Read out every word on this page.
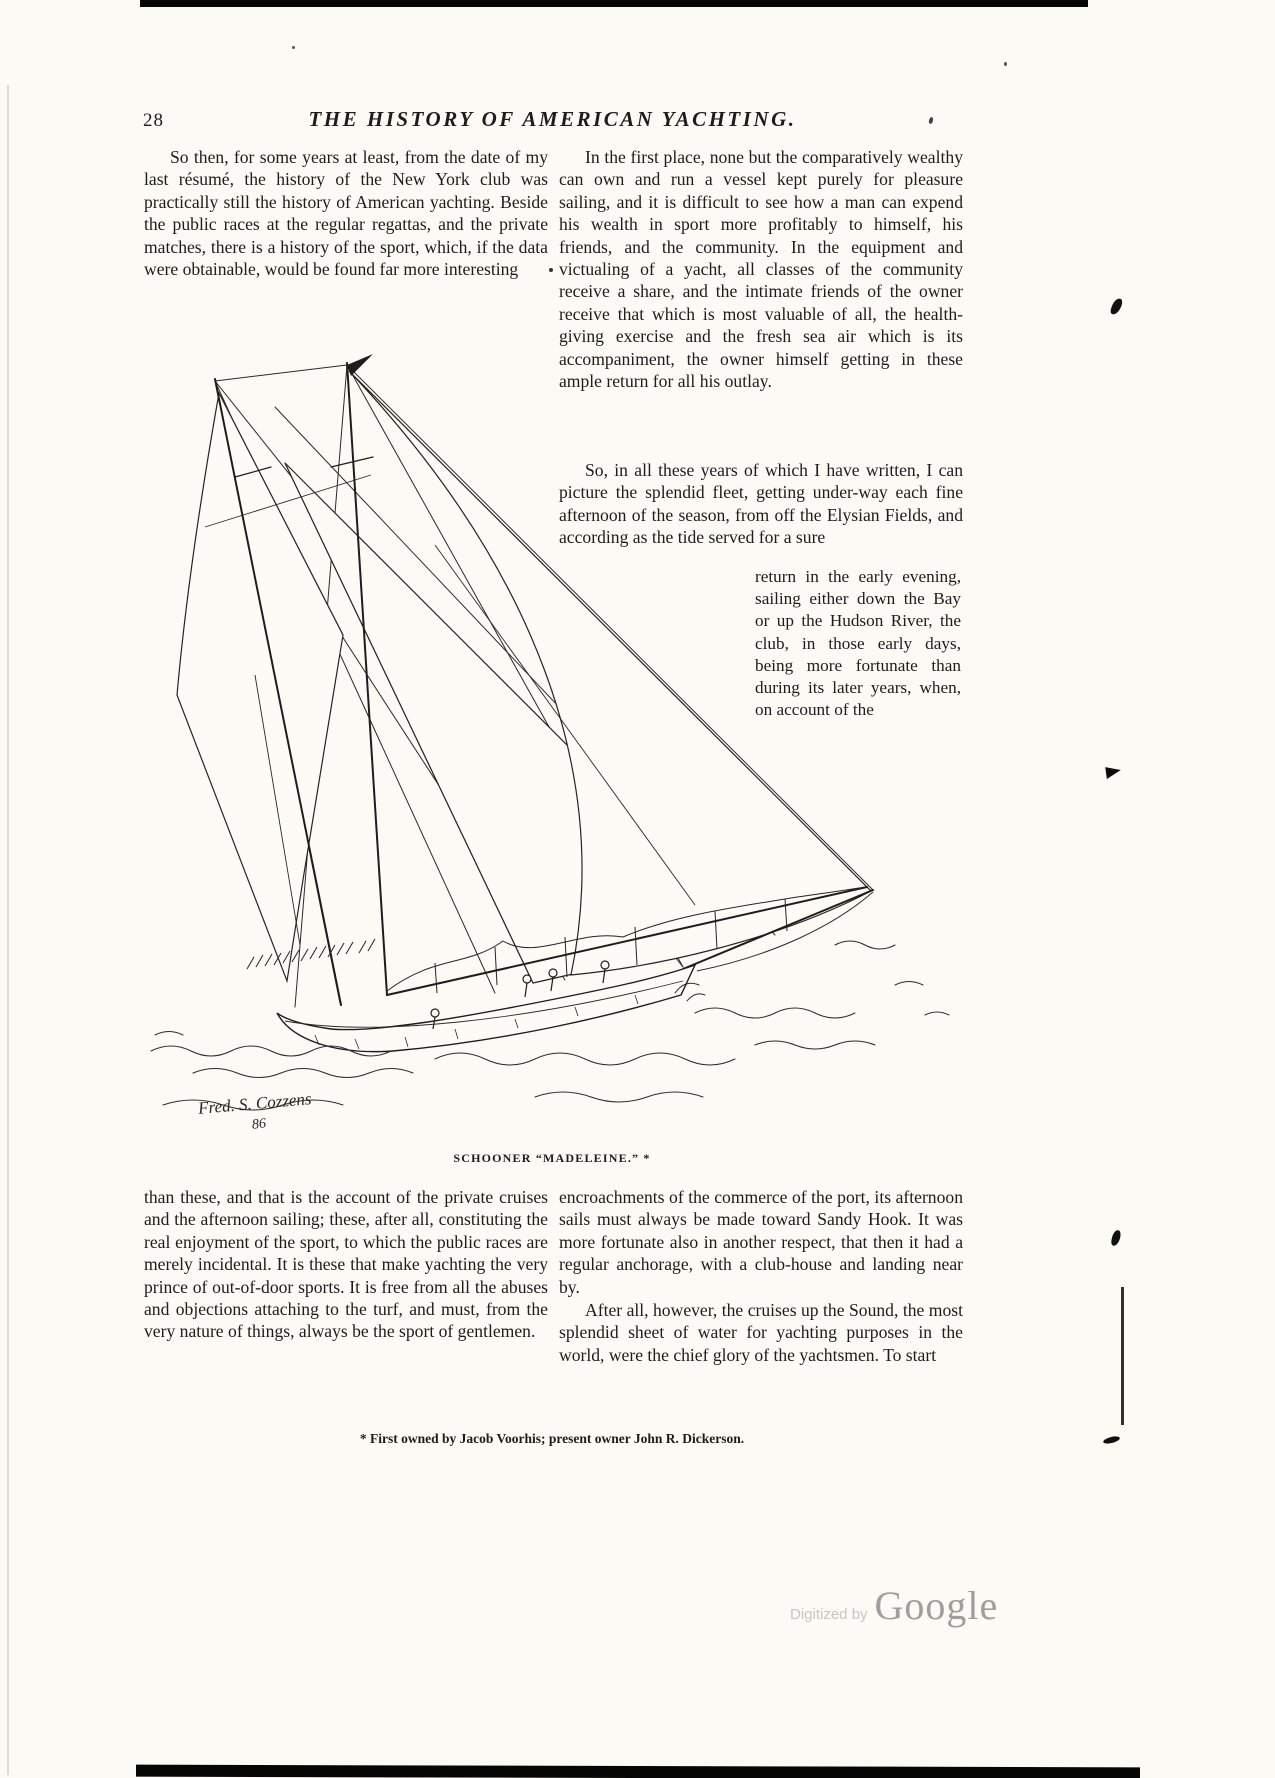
28	THE HISTORY OF AMERICAN YACHTING.
So then, for some years at least, from the date of my last résumé, the history of the New York club was practically still the history of American yachting. Beside the public races at the regular regattas, and the private matches, there is a history of the sport, which, if the data were obtainable, would be found far more interesting
In the first place, none but the comparatively wealthy can own and run a vessel kept purely for pleasure sailing, and it is difficult to see how a man can expend his wealth in sport more profitably to himself, his friends, and the community. In the equipment and victualing of a yacht, all classes of the community receive a share, and the intimate friends of the owner receive that which is most valuable of all, the health-giving exercise and the fresh sea air which is its accompaniment, the owner himself getting in these ample return for all his outlay.
So, in all these years of which I have written, I can picture the splendid fleet, getting under-way each fine afternoon of the season, from off the Elysian Fields, and according as the tide served for a sure
return in the early evening, sailing either down the Bay or up the Hudson River, the club, in those early days, being more fortunate than during its later years, when, on account of the
Fred. S. Cozzens
86
SCHOONER “MADELEINE.” *
than these, and that is the account of the private cruises and the afternoon sailing; these, after all, constituting the real enjoyment of the sport, to which the public races are merely incidental. It is these that make yachting the very prince of out-of-door sports. It is free from all the abuses and objections attaching to the turf, and must, from the very nature of things, always be the sport of gentlemen.
encroachments of the commerce of the port, its afternoon sails must always be made toward Sandy Hook. It was more fortunate also in another respect, that then it had a regular anchorage, with a club-house and landing near by.
After all, however, the cruises up the Sound, the most splendid sheet of water for yachting purposes in the world, were the chief glory of the yachtsmen. To start
* First owned by Jacob Voorhis; present owner John R. Dickerson.
Digitized by Google
